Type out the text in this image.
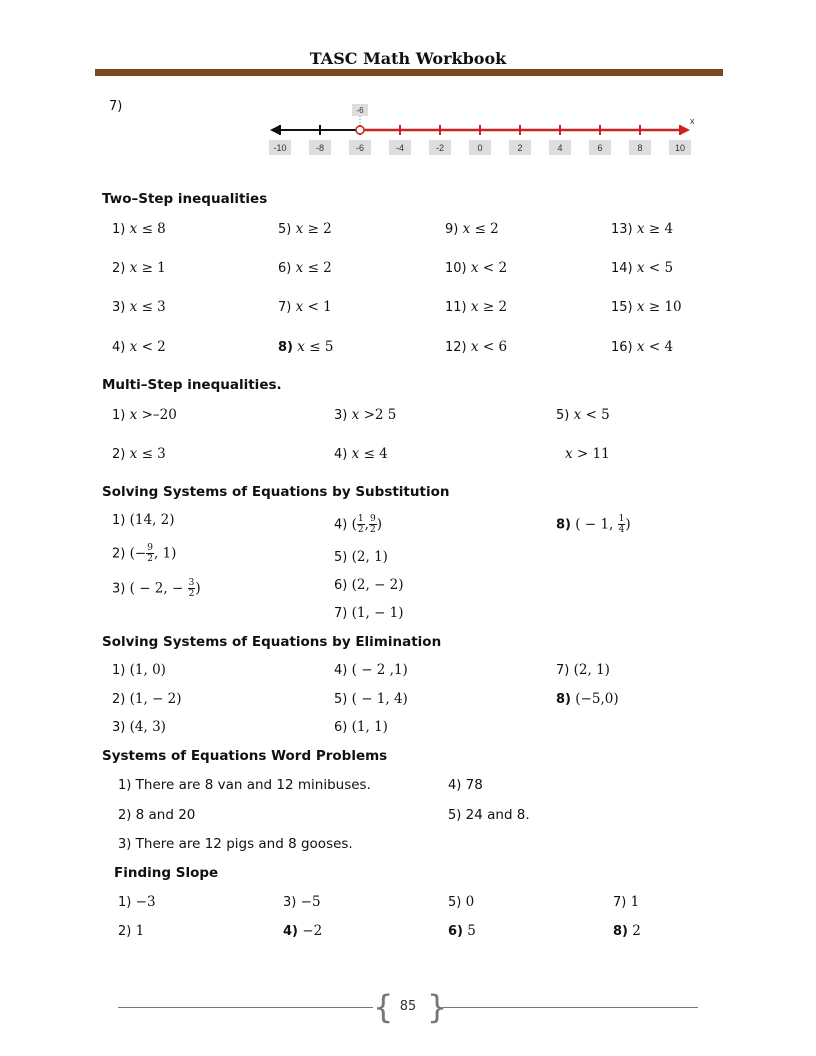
TASC Math Workbook
7)
-10	-8	-6	-4	-2	0	2	4	6	8	10
-6
x
Two–Step inequalities
1) x ≤ 8
2) x ≥ 1
3) x ≤ 3
4) x < 2
5) x ≥ 2
6) x ≤ 2
7) x < 1
8) x ≤ 5
9) x ≤ 2
10) x < 2
11) x ≥ 2
12) x < 6
13) x ≥ 4
14) x < 5
15) x ≥ 10
16) x < 4
Multi–Step inequalities.
1) x >–20
2) x ≤ 3
3) x >2 5
4) x ≤ 4
5) x < 5
x > 11
Solving Systems of Equations by Substitution
1) (14, 2)
2) (− $\frac{9}{2}$ , 1)
3) ( − 2, − $\frac{3}{2}$ )
4) ( $\frac{1}{2}$ , $\frac{9}{2}$ )
5) (2, 1)
6) (2, − 2)
7) (1, − 1)
8) ( − 1, $\frac{1}{4}$ )
Solving Systems of Equations by Elimination
1) (1, 0)
2) (1, − 2)
3) (4, 3)
4) ( − 2 ,1)
5) ( − 1, 4)
6) (1, 1)
7) (2, 1)
8) (−5,0)
Systems of Equations Word Problems
1) There are 8 van and 12 minibuses.
2) 8 and 20
3) There are 12 pigs and 8 gooses.
4) 78
5) 24 and 8.
Finding Slope
1) −3
2) 1
3) −5
4) −2
5) 0
6) 5
7) 1
8) 2
{ }
85
